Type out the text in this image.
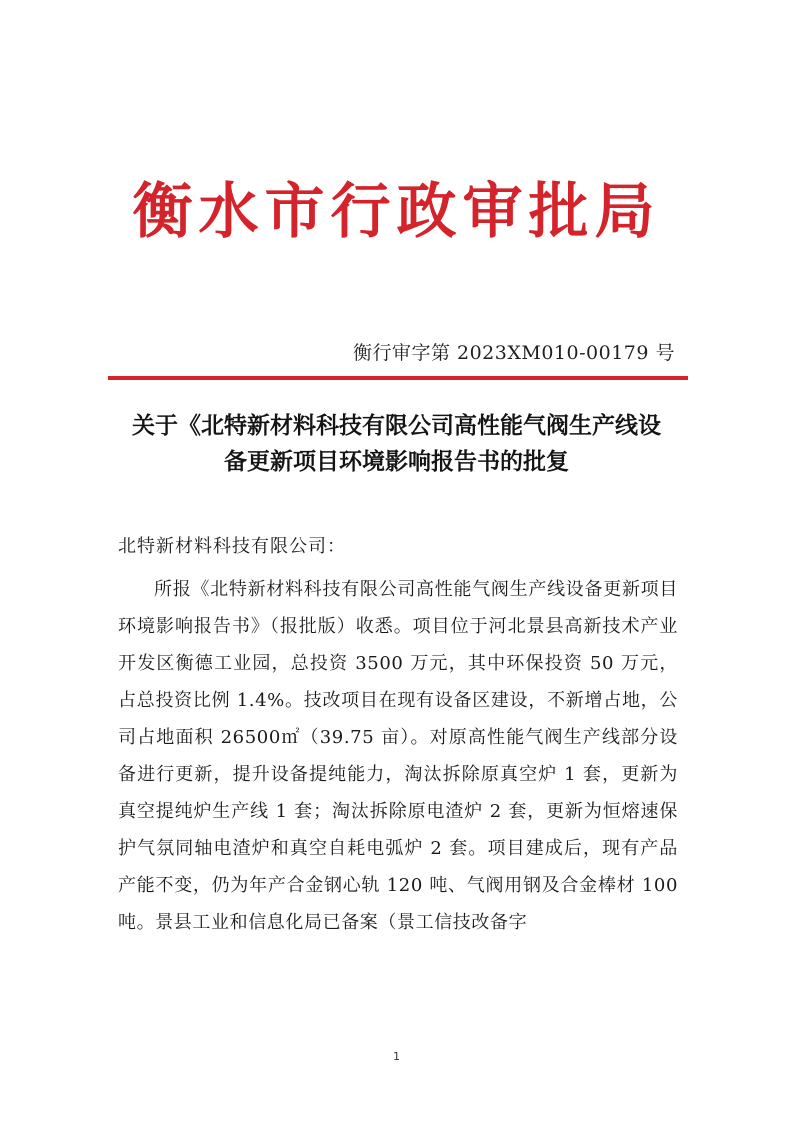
衡水市行政审批局
衡行审字第 2023XM010-00179 号
关于《北特新材料科技有限公司高性能气阀生产线设
备更新项目环境影响报告书的批复
北特新材料科技有限公司：

所报《北特新材料科技有限公司高性能气阀生产线设备更新项目环境影响报告书》（报批版）收悉。项目位于河北景县高新技术产业开发区衡德工业园，总投资 3500 万元，其中环保投资 50 万元，占总投资比例 1.4%。技改项目在现有设备区建设，不新增占地，公司占地面积 26500㎡（39.75 亩）。对原高性能气阀生产线部分设备进行更新，提升设备提纯能力，淘汰拆除原真空炉 1 套，更新为真空提纯炉生产线 1 套；淘汰拆除原电渣炉 2 套，更新为恒熔速保护气氛同轴电渣炉和真空自耗电弧炉 2 套。项目建成后，现有产品产能不变，仍为年产合金钢心轨 120 吨、气阀用钢及合金棒材 100 吨。景县工业和信息化局已备案（景工信技改备字

1
